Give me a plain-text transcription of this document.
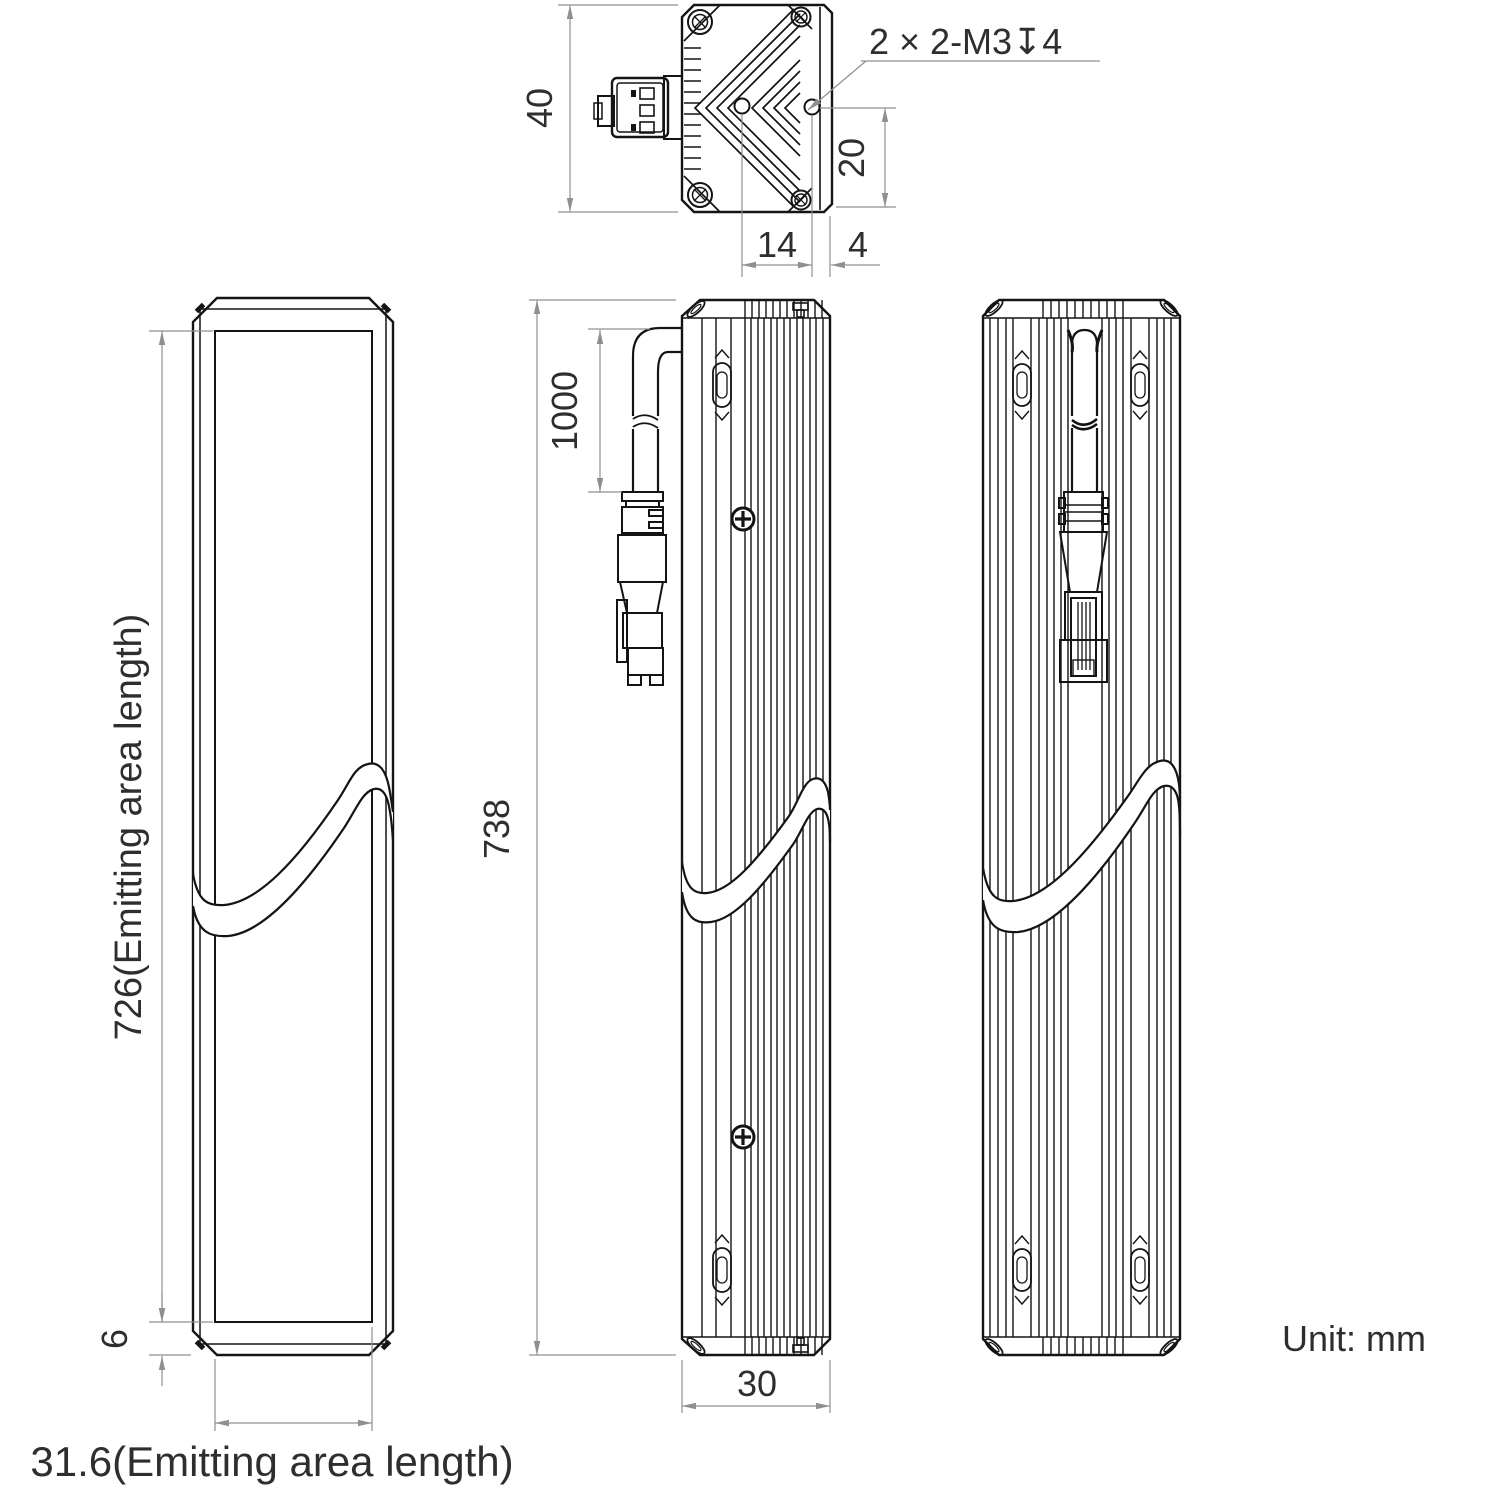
40
20
14 4
2 × 2-M3↧4
726(Emitting area length)
6
31.6(Emitting area length)
1000
738
30
Unit: mm
